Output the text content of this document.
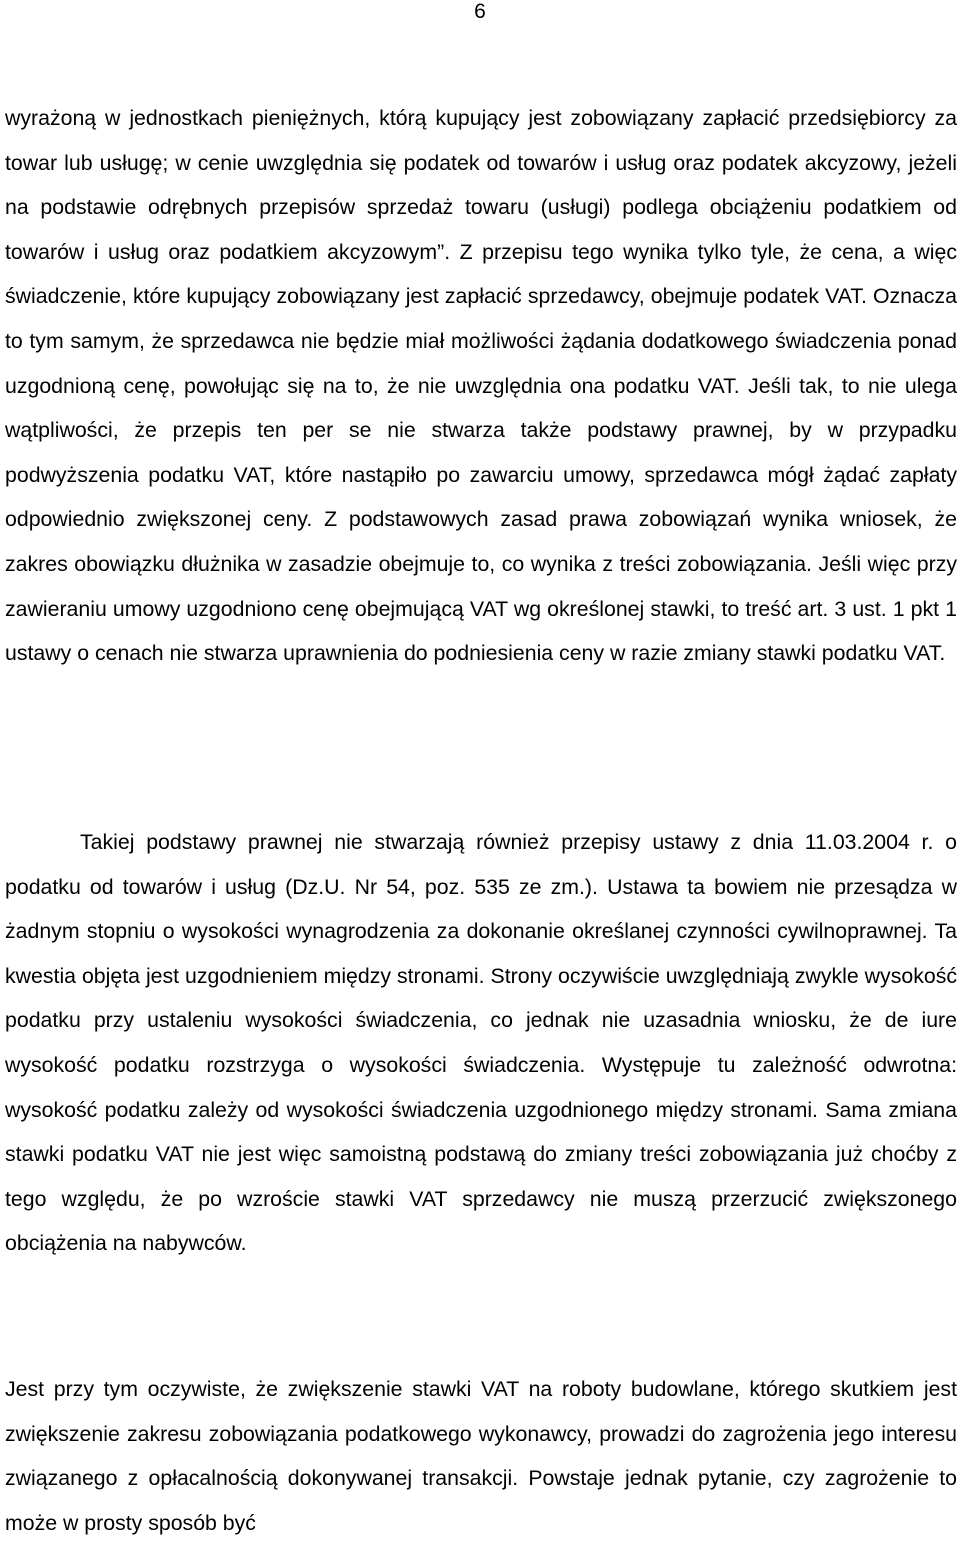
6
wyrażoną w jednostkach pieniężnych, którą kupujący jest zobowiązany zapłacić przedsiębiorcy za towar lub usługę; w cenie uwzględnia się podatek od towarów i usług oraz podatek akcyzowy, jeżeli na podstawie odrębnych przepisów sprzedaż towaru (usługi) podlega obciążeniu podatkiem od towarów i usług oraz podatkiem akcyzowym”. Z przepisu tego wynika tylko tyle, że cena, a więc świadczenie, które kupujący zobowiązany jest zapłacić sprzedawcy, obejmuje podatek VAT. Oznacza to tym samym, że sprzedawca nie będzie miał możliwości żądania dodatkowego świadczenia ponad uzgodnioną cenę, powołując się na to, że nie uwzględnia ona podatku VAT. Jeśli tak, to nie ulega wątpliwości, że przepis ten per se nie stwarza także podstawy prawnej, by w przypadku podwyższenia podatku VAT, które nastąpiło po zawarciu umowy, sprzedawca mógł żądać zapłaty odpowiednio zwiększonej ceny. Z podstawowych zasad prawa zobowiązań wynika wniosek, że zakres obowiązku dłużnika w zasadzie obejmuje to, co wynika z treści zobowiązania. Jeśli więc przy zawieraniu umowy uzgodniono cenę obejmującą VAT wg określonej stawki, to treść art. 3 ust. 1 pkt 1 ustawy o cenach nie stwarza uprawnienia do podniesienia ceny w razie zmiany stawki podatku VAT.
Takiej podstawy prawnej nie stwarzają również przepisy ustawy z dnia 11.03.2004 r. o podatku od towarów i usług (Dz.U. Nr 54, poz. 535 ze zm.). Ustawa ta bowiem nie przesądza w żadnym stopniu o wysokości wynagrodzenia za dokonanie określanej czynności cywilnoprawnej. Ta kwestia objęta jest uzgodnieniem między stronami. Strony oczywiście uwzględniają zwykle wysokość podatku przy ustaleniu wysokości świadczenia, co jednak nie uzasadnia wniosku, że de iure wysokość podatku rozstrzyga o wysokości świadczenia. Występuje tu zależność odwrotna: wysokość podatku zależy od wysokości świadczenia uzgodnionego między stronami. Sama zmiana stawki podatku VAT nie jest więc samoistną podstawą do zmiany treści zobowiązania już choćby z tego względu, że po wzroście stawki VAT sprzedawcy nie muszą przerzucić zwiększonego obciążenia na nabywców.
Jest przy tym oczywiste, że zwiększenie stawki VAT na roboty budowlane, którego skutkiem jest zwiększenie zakresu zobowiązania podatkowego wykonawcy, prowadzi do zagrożenia jego interesu związanego z opłacalnością dokonywanej transakcji. Powstaje jednak pytanie, czy zagrożenie to może w prosty sposób być
